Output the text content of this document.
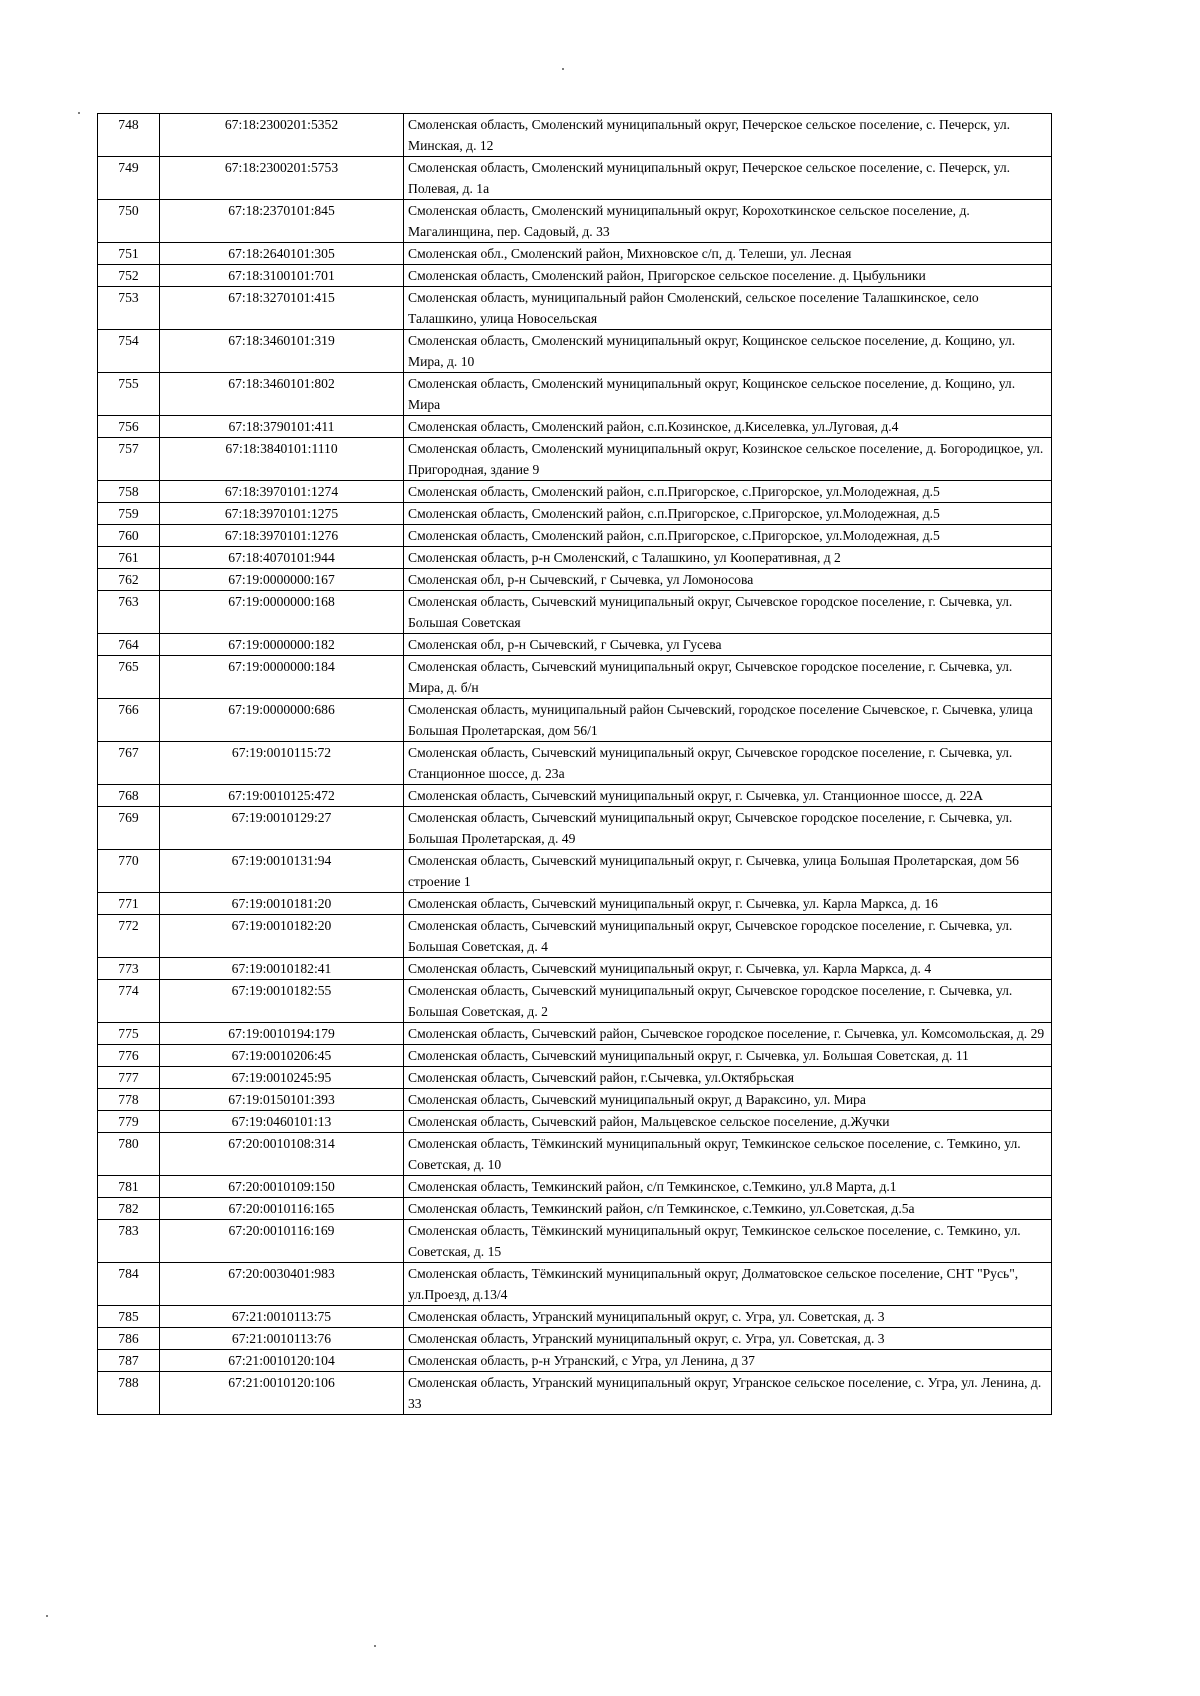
748	67:18:2300201:5352	Смоленская область, Смоленский муниципальный округ, Печерское сельское поселение, с. Печерск, ул. Минская, д. 12
749	67:18:2300201:5753	Смоленская область, Смоленский муниципальный округ, Печерское сельское поселение, с. Печерск, ул. Полевая, д. 1а
750	67:18:2370101:845	Смоленская область, Смоленский муниципальный округ, Корохоткинское сельское поселение, д. Магалинщина, пер. Садовый, д. 33
751	67:18:2640101:305	Смоленская обл., Смоленский район, Михновское с/п, д. Телеши, ул. Лесная
752	67:18:3100101:701	Смоленская область, Смоленский район, Пригорское сельское поселение. д. Цыбульники
753	67:18:3270101:415	Смоленская область, муниципальный район Смоленский, сельское поселение Талашкинское, село Талашкино, улица Новосельская
754	67:18:3460101:319	Смоленская область, Смоленский муниципальный округ, Кощинское сельское поселение, д. Кощино, ул. Мира, д. 10
755	67:18:3460101:802	Смоленская область, Смоленский муниципальный округ, Кощинское сельское поселение, д. Кощино, ул. Мира
756	67:18:3790101:411	Смоленская область, Смоленский район, с.п.Козинское, д.Киселевка, ул.Луговая, д.4
757	67:18:3840101:1110	Смоленская область, Смоленский муниципальный округ, Козинское сельское поселение, д. Богородицкое, ул. Пригородная, здание 9
758	67:18:3970101:1274	Смоленская область, Смоленский район, с.п.Пригорское, с.Пригорское, ул.Молодежная, д.5
759	67:18:3970101:1275	Смоленская область, Смоленский район, с.п.Пригорское, с.Пригорское, ул.Молодежная, д.5
760	67:18:3970101:1276	Смоленская область, Смоленский район, с.п.Пригорское, с.Пригорское, ул.Молодежная, д.5
761	67:18:4070101:944	Смоленская область, р-н Смоленский, с Талашкино, ул Кооперативная, д 2
762	67:19:0000000:167	Смоленская обл, р-н Сычевский, г Сычевка, ул Ломоносова
763	67:19:0000000:168	Смоленская область, Сычевский муниципальный округ, Сычевское городское поселение, г. Сычевка, ул. Большая Советская
764	67:19:0000000:182	Смоленская обл, р-н Сычевский, г Сычевка, ул Гусева
765	67:19:0000000:184	Смоленская область, Сычевский муниципальный округ, Сычевское городское поселение, г. Сычевка, ул. Мира, д. б/н
766	67:19:0000000:686	Смоленская область, муниципальный район Сычевский, городское поселение Сычевское, г. Сычевка, улица Большая Пролетарская, дом 56/1
767	67:19:0010115:72	Смоленская область, Сычевский муниципальный округ, Сычевское городское поселение, г. Сычевка, ул. Станционное шоссе, д. 23а
768	67:19:0010125:472	Смоленская область, Сычевский муниципальный округ, г. Сычевка, ул. Станционное шоссе, д. 22А
769	67:19:0010129:27	Смоленская область, Сычевский муниципальный округ, Сычевское городское поселение, г. Сычевка, ул. Большая Пролетарская, д. 49
770	67:19:0010131:94	Смоленская область, Сычевский муниципальный округ, г. Сычевка, улица Большая Пролетарская, дом 56 строение 1
771	67:19:0010181:20	Смоленская область, Сычевский муниципальный округ, г. Сычевка, ул. Карла Маркса, д. 16
772	67:19:0010182:20	Смоленская область, Сычевский муниципальный округ, Сычевское городское поселение, г. Сычевка, ул. Большая Советская, д. 4
773	67:19:0010182:41	Смоленская область, Сычевский муниципальный округ, г. Сычевка, ул. Карла Маркса, д. 4
774	67:19:0010182:55	Смоленская область, Сычевский муниципальный округ, Сычевское городское поселение, г. Сычевка, ул. Большая Советская, д. 2
775	67:19:0010194:179	Смоленская область, Сычевский район, Сычевское городское поселение, г. Сычевка, ул. Комсомольская, д. 29
776	67:19:0010206:45	Смоленская область, Сычевский муниципальный округ, г. Сычевка, ул. Большая Советская, д. 11
777	67:19:0010245:95	Смоленская область, Сычевский район, г.Сычевка, ул.Октябрьская
778	67:19:0150101:393	Смоленская область, Сычевский муниципальный округ, д Вараксино, ул. Мира
779	67:19:0460101:13	Смоленская область, Сычевский район, Мальцевское сельское поселение, д.Жучки
780	67:20:0010108:314	Смоленская область, Тёмкинский муниципальный округ, Темкинское сельское поселение, с. Темкино, ул. Советская, д. 10
781	67:20:0010109:150	Смоленская область, Темкинский район, с/п Темкинское, с.Темкино, ул.8 Марта, д.1
782	67:20:0010116:165	Смоленская область, Темкинский район, с/п Темкинское, с.Темкино, ул.Советская, д.5а
783	67:20:0010116:169	Смоленская область, Тёмкинский муниципальный округ, Темкинское сельское поселение, с. Темкино, ул. Советская, д. 15
784	67:20:0030401:983	Смоленская область, Тёмкинский муниципальный округ, Долматовское сельское поселение, СНТ "Русь", ул.Проезд, д.13/4
785	67:21:0010113:75	Смоленская область, Угранский муниципальный округ, с. Угра, ул. Советская, д. 3
786	67:21:0010113:76	Смоленская область, Угранский муниципальный округ, с. Угра, ул. Советская, д. 3
787	67:21:0010120:104	Смоленская область, р-н Угранский, с Угра, ул Ленина, д 37
788	67:21:0010120:106	Смоленская область, Угранский муниципальный округ, Угранское сельское поселение, с. Угра, ул. Ленина, д. 33
